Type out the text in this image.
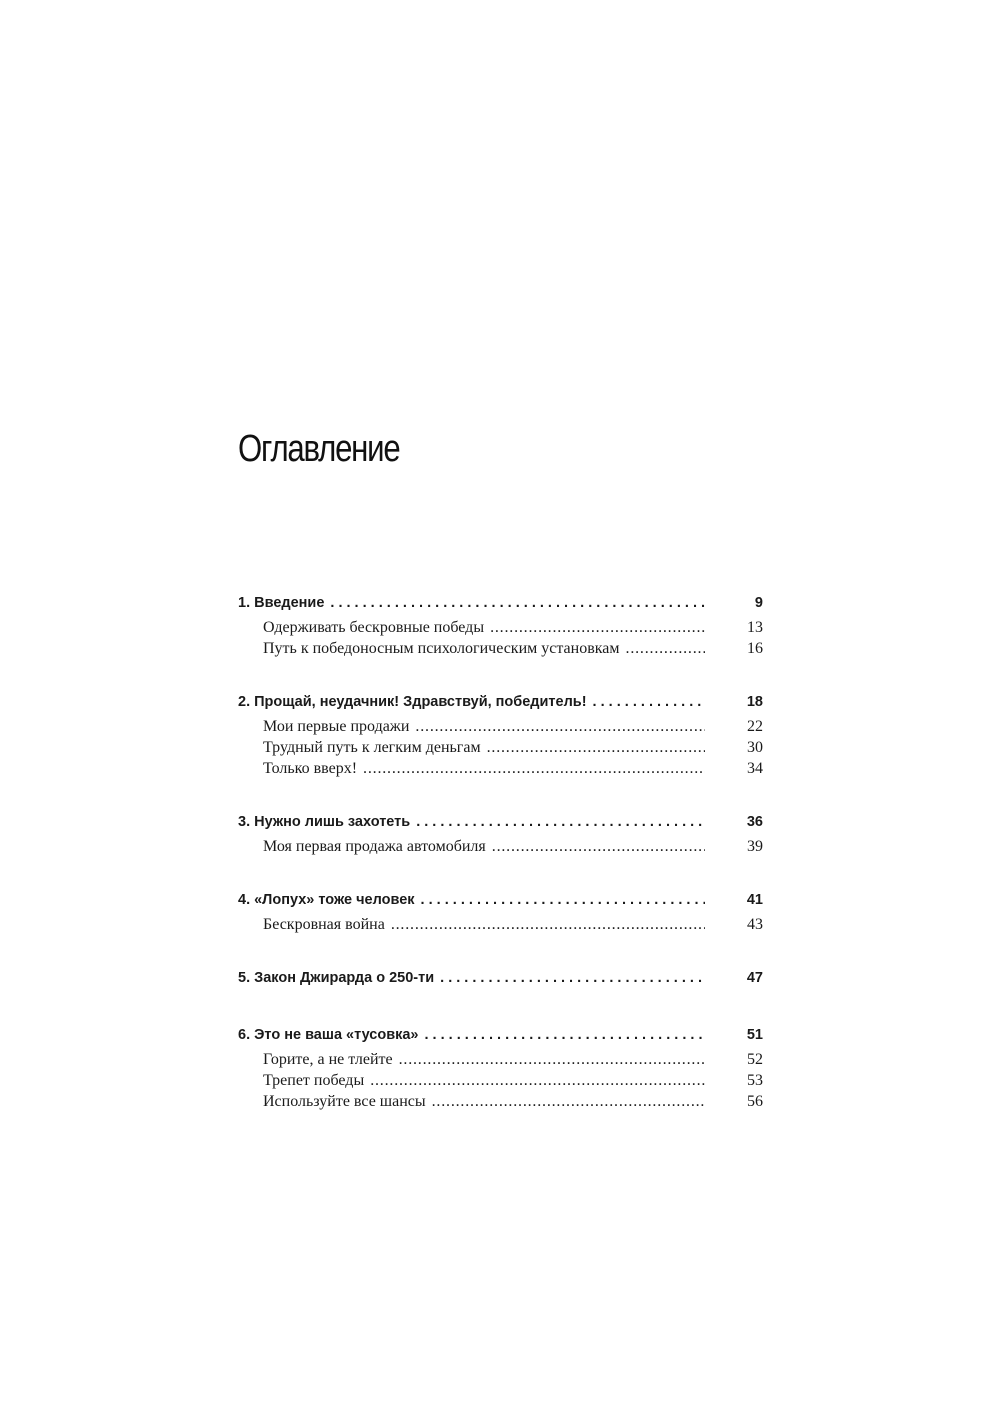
Оглавление
1. Введение . . .	9
Одерживать бескровные победы . . .	13
Путь к победоносным психологическим установкам . . .	16
2. Прощай, неудачник! Здравствуй, победитель! . . .	18
Мои первые продажи . . .	22
Трудный путь к легким деньгам . . .	30
Только вверх! . . .	34
3. Нужно лишь захотеть . . .	36
Моя первая продажа автомобиля . . .	39
4. «Лопух» тоже человек . . .	41
Бескровная война . . .	43
5. Закон Джирарда о 250-ти . . .	47
6. Это не ваша «тусовка» . . .	51
Горите, а не тлейте . . .	52
Трепет победы . . .	53
Используйте все шансы . . .	56
